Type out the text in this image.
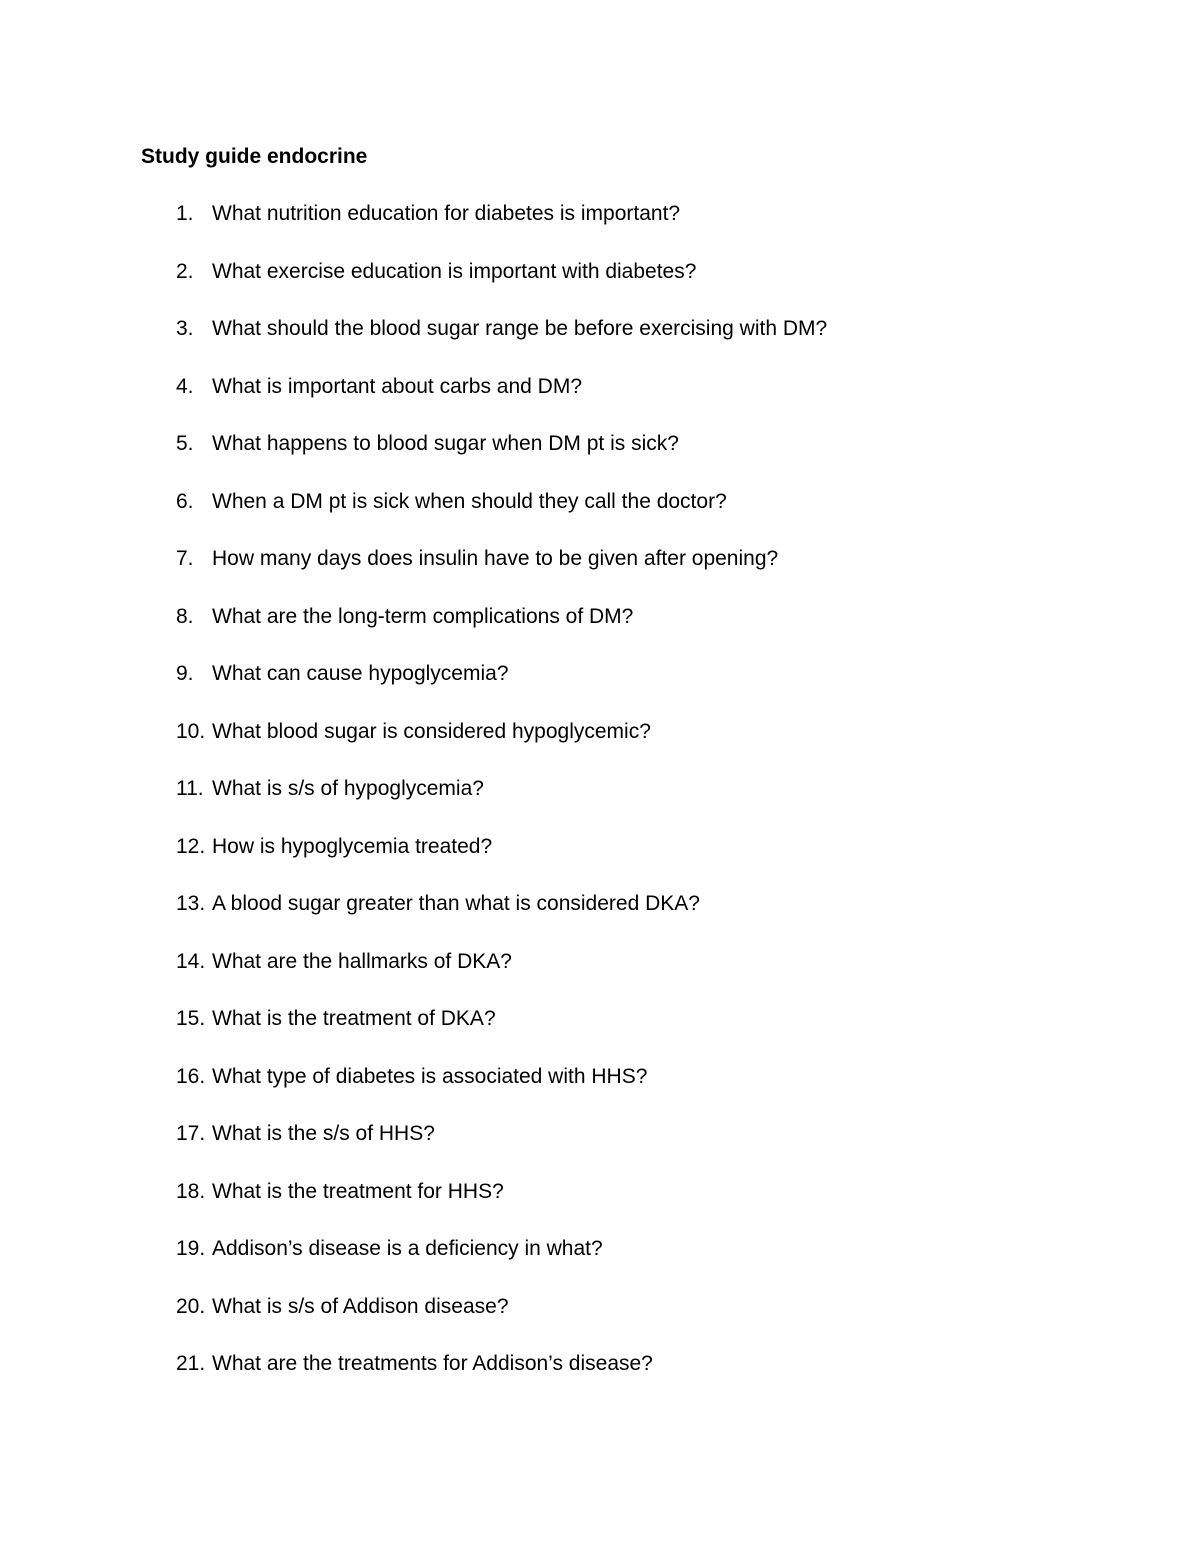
Study guide endocrine
1. What nutrition education for diabetes is important?
2. What exercise education is important with diabetes?
3. What should the blood sugar range be before exercising with DM?
4. What is important about carbs and DM?
5. What happens to blood sugar when DM pt is sick?
6. When a DM pt is sick when should they call the doctor?
7. How many days does insulin have to be given after opening?
8. What are the long-term complications of DM?
9. What can cause hypoglycemia?
10. What blood sugar is considered hypoglycemic?
11. What is s/s of hypoglycemia?
12. How is hypoglycemia treated?
13. A blood sugar greater than what is considered DKA?
14. What are the hallmarks of DKA?
15. What is the treatment of DKA?
16. What type of diabetes is associated with HHS?
17. What is the s/s of HHS?
18. What is the treatment for HHS?
19. Addison’s disease is a deficiency in what?
20. What is s/s of Addison disease?
21. What are the treatments for Addison’s disease?
